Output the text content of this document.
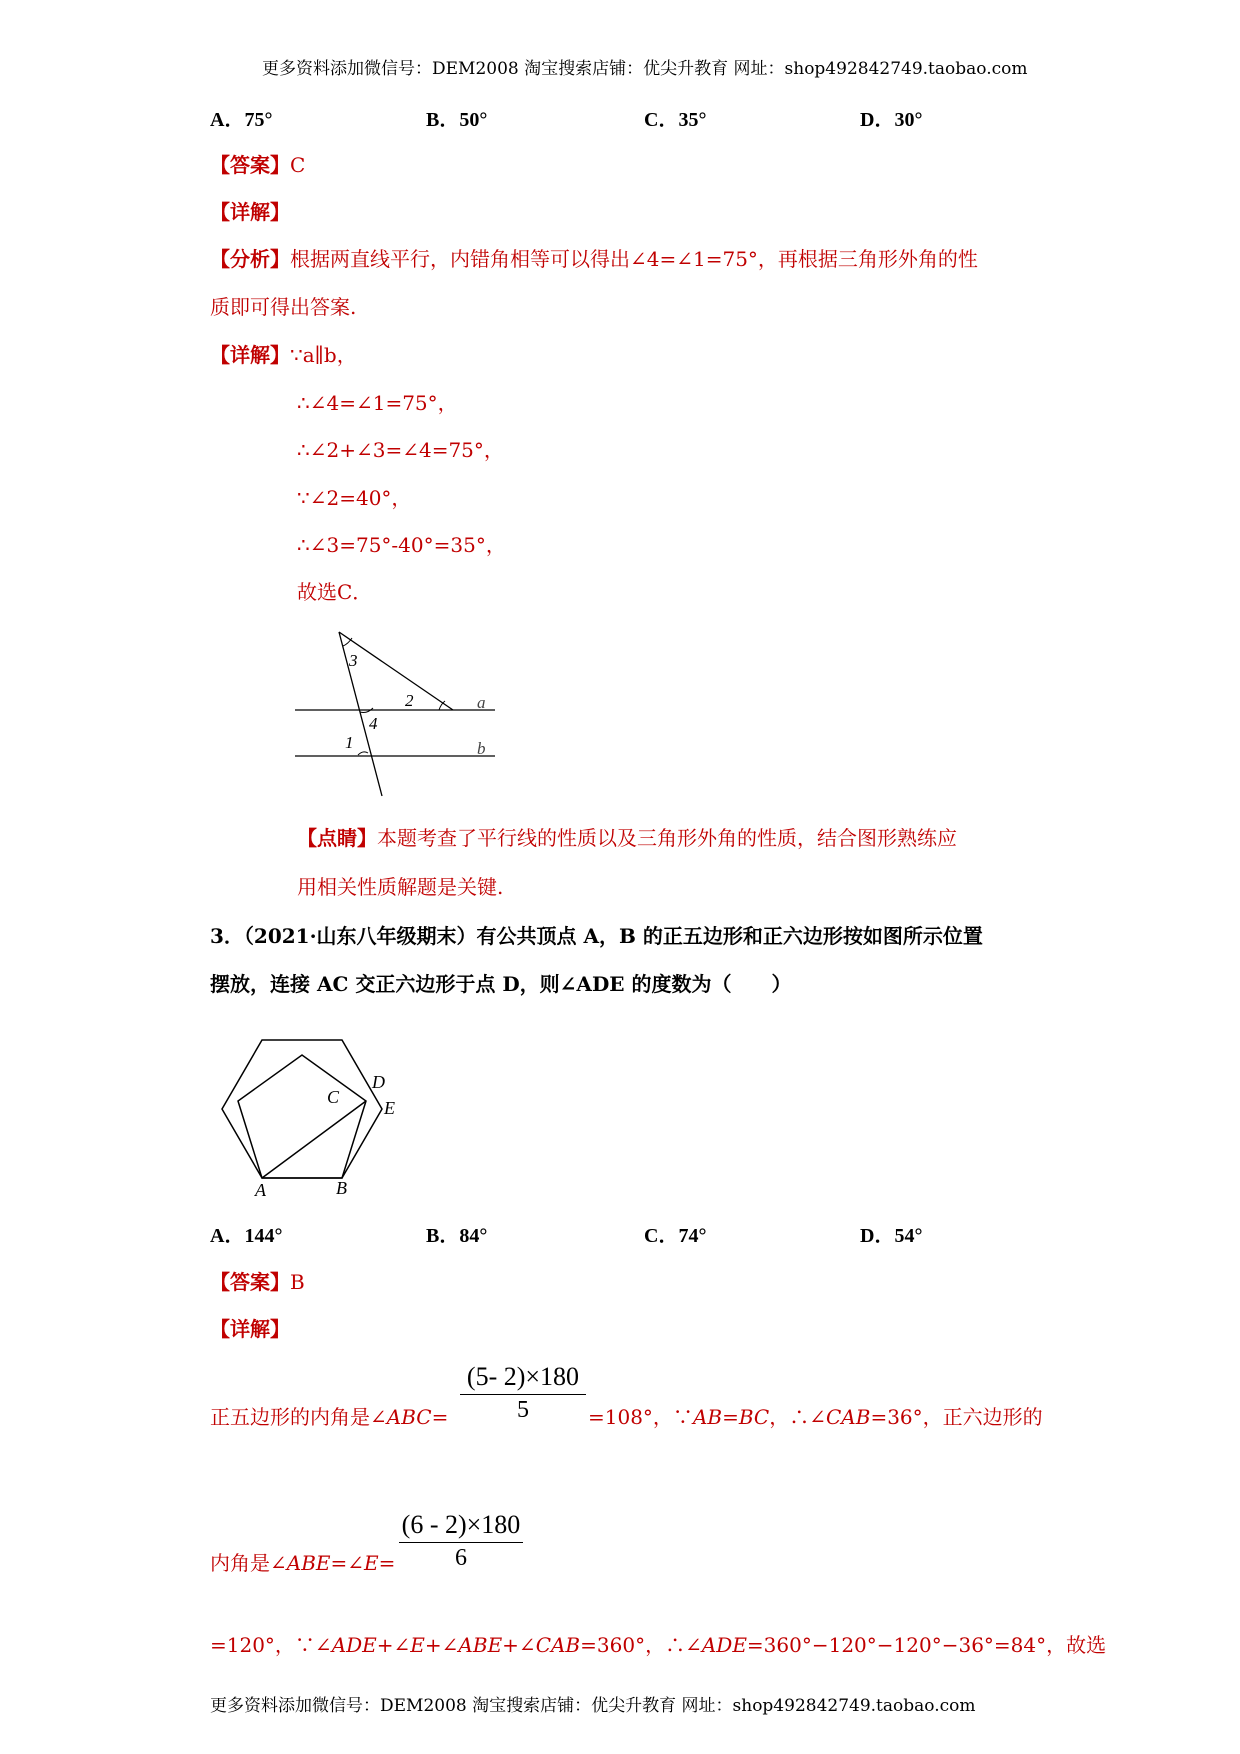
更多资料添加微信号：DEM2008 淘宝搜索店铺：优尖升教育 网址：shop492842749.taobao.com
A．75°	B．50°	C．35°	D．30°
【答案】C
【详解】
【分析】根据两直线平行，内错角相等可以得出∠4=∠1=75°，再根据三角形外角的性
质即可得出答案.
【详解】∵a∥b，
∴∠4=∠1=75°，
∴∠2+∠3=∠4=75°，
∵∠2=40°，
∴∠3=75°-40°=35°，
故选C．
3
2
4
1
a
b
【点睛】本题考查了平行线的性质以及三角形外角的性质，结合图形熟练应
用相关性质解题是关键.
3．（2021·山东八年级期末）有公共顶点 A，B 的正五边形和正六边形按如图所示位置
摆放，连接 AC 交正六边形于点 D，则∠ADE 的度数为（　　）
C
D
E
A	B
A．144°	B．84°	C．74°	D．54°
【答案】B
【详解】
正五边形的内角是∠ABC=
(5- 2)×180
5	=108°，∵AB=BC，∴∠CAB=36°，正六边形的
内角是∠ABE=∠E=
(6 - 2)×180
6
=120°，∵∠ADE+∠E+∠ABE+∠CAB=360°，∴∠ADE=360°−120°−120°−36°=84°，故选
更多资料添加微信号：DEM2008 淘宝搜索店铺：优尖升教育 网址：shop492842749.taobao.com
